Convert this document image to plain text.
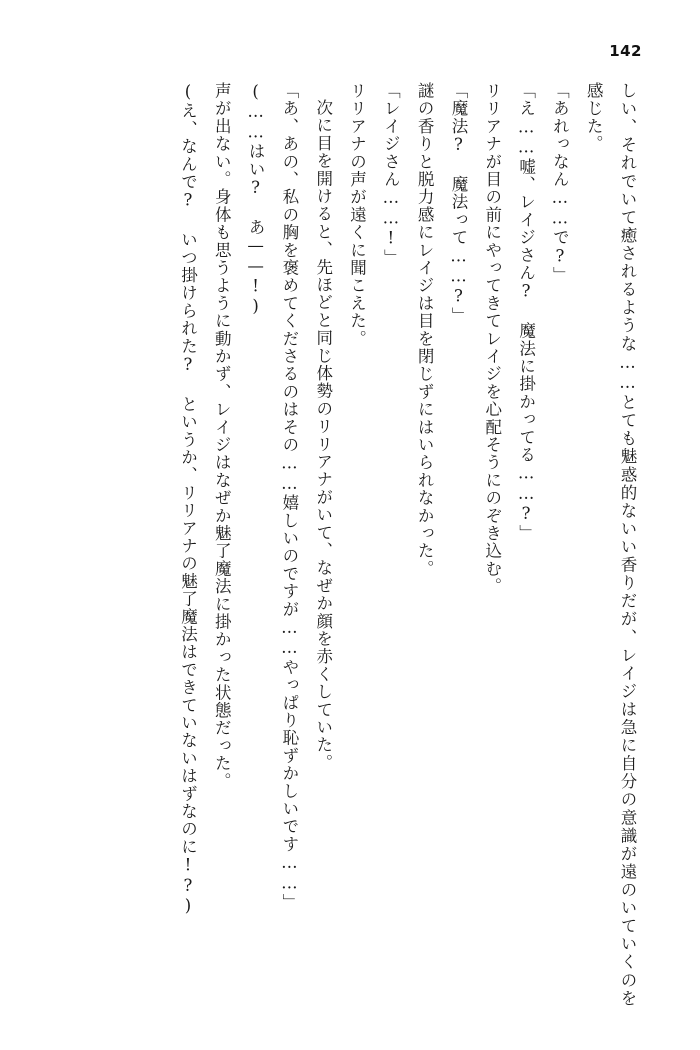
142
しい、それでいて癒されるような……とても魅惑的ないい香りだが、レイジは急に自分の意識が遠のいていくのを感じた。
「あれっなん……で?」
「え……嘘、レイジさん? 魔法に掛かってる……?」
リリアナが目の前にやってきてレイジを心配そうにのぞき込む。
「魔法? 魔法って……?」
謎の香りと脱力感にレイジは目を閉じずにはいられなかった。
「レイジさん……!」
リリアナの声が遠くに聞こえた。
次に目を開けると、先ほどと同じ体勢のリリアナがいて、なぜか顔を赤くしていた。
「あ、あの、私の胸を褒めてくださるのはその……嬉しいのですが……やっぱり恥ずかしいです……」
(……はい? あ——!)
声が出ない。身体も思うように動かず、レイジはなぜか魅了魔法に掛かった状態だった。
(え、なんで? いつ掛けられた? というか、リリアナの魅了魔法はできていないはずなのに!?)
